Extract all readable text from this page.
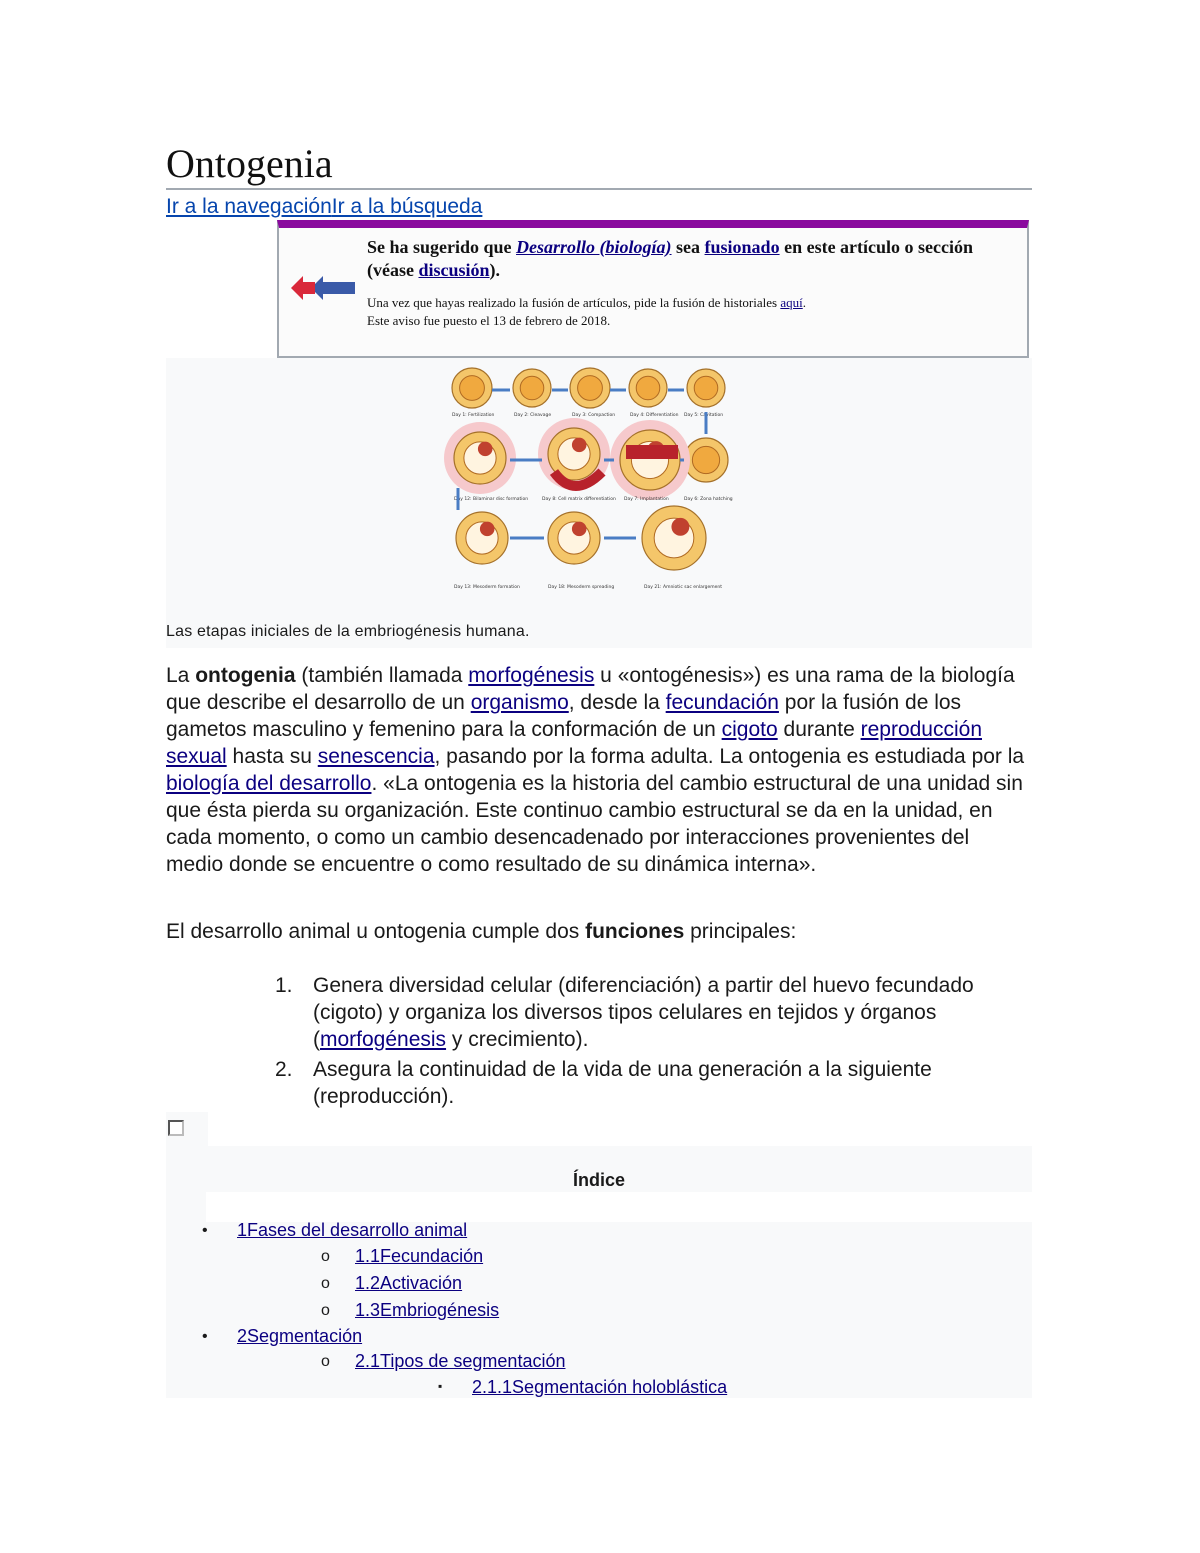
Ontogenia
Ir a la navegaciónIr a la búsqueda
Se ha sugerido que Desarrollo (biología) sea fusionado en este artículo o sección (véase discusión).
Una vez que hayas realizado la fusión de artículos, pide la fusión de historiales aquí.
Este aviso fue puesto el 13 de febrero de 2018.
Day 1: Fertilization	Day 2: Cleavage	Day 3: Compaction	Day 4: Differentiation Day 5: Cavitation
Day 6: Zona hatching
Day 7: Implantation
Day 8: Cell matrix differentiation
Day 12: Bilaminar disc formation
Day 13: Mesoderm formation	Day 18: Mesoderm spreading	Day 21: Amniotic sac enlargement
Las etapas iniciales de la embriogénesis humana.
La ontogenia (también llamada morfogénesis u «ontogénesis») es una rama de la biología que describe el desarrollo de un organismo, desde la fecundación por la fusión de los gametos masculino y femenino para la conformación de un cigoto durante reproducción sexual hasta su senescencia, pasando por la forma adulta. La ontogenia es estudiada por la biología del desarrollo. «La ontogenia es la historia del cambio estructural de una unidad sin que ésta pierda su organización. Este continuo cambio estructural se da en la unidad, en cada momento, o como un cambio desencadenado por interacciones provenientes del medio donde se encuentre o como resultado de su dinámica interna».
El desarrollo animal u ontogenia cumple dos funciones principales:
1. Genera diversidad celular (diferenciación) a partir del huevo fecundado (cigoto) y organiza los diversos tipos celulares en tejidos y órganos (morfogénesis y crecimiento).
2. Asegura la continuidad de la vida de una generación a la siguiente (reproducción).
Índice
• 1Fases del desarrollo animal
o 1.1Fecundación
o 1.2Activación
o 1.3Embriogénesis
• 2Segmentación
o 2.1Tipos de segmentación
▪ 2.1.1Segmentación holoblástica
